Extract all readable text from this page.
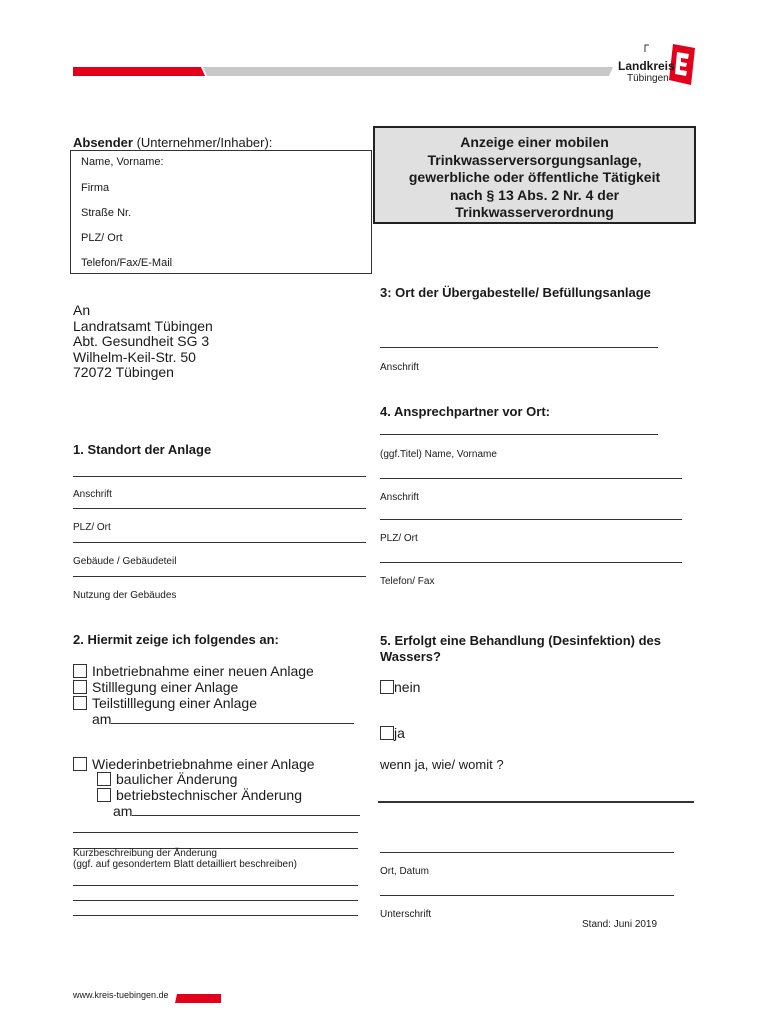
Landkreis
Tübingen
Absender (Unternehmer/Inhaber):
Name, Vorname:
Firma
Straße Nr.
PLZ/ Ort
Telefon/Fax/E-Mail
Anzeige einer mobilen
Trinkwasserversorgungsanlage,
gewerbliche oder öffentliche Tätigkeit
nach § 13 Abs. 2 Nr. 4 der
Trinkwasserverordnung
An
Landratsamt Tübingen
Abt. Gesundheit SG 3
Wilhelm-Keil-Str. 50
72072 Tübingen
3: Ort der Übergabestelle/ Befüllungsanlage
Anschrift
4. Ansprechpartner vor Ort:
(ggf.Titel) Name, Vorname
Anschrift
PLZ/ Ort
Telefon/ Fax
1. Standort der Anlage
Anschrift
PLZ/ Ort
Gebäude / Gebäudeteil
Nutzung der Gebäudes
2. Hiermit zeige ich folgendes an:
Inbetriebnahme einer neuen Anlage
Stilllegung einer Anlage
Teilstilllegung einer Anlage
am
Wiederinbetriebnahme einer Anlage
baulicher Änderung
betriebstechnischer Änderung
am
Kurzbeschreibung der Änderung
(ggf. auf gesondertem Blatt detailliert beschreiben)
5. Erfolgt eine Behandlung (Desinfektion) des
Wassers?
nein
ja
wenn ja, wie/ womit ?
Ort, Datum
Unterschrift
Stand: Juni 2019
www.kreis-tuebingen.de
